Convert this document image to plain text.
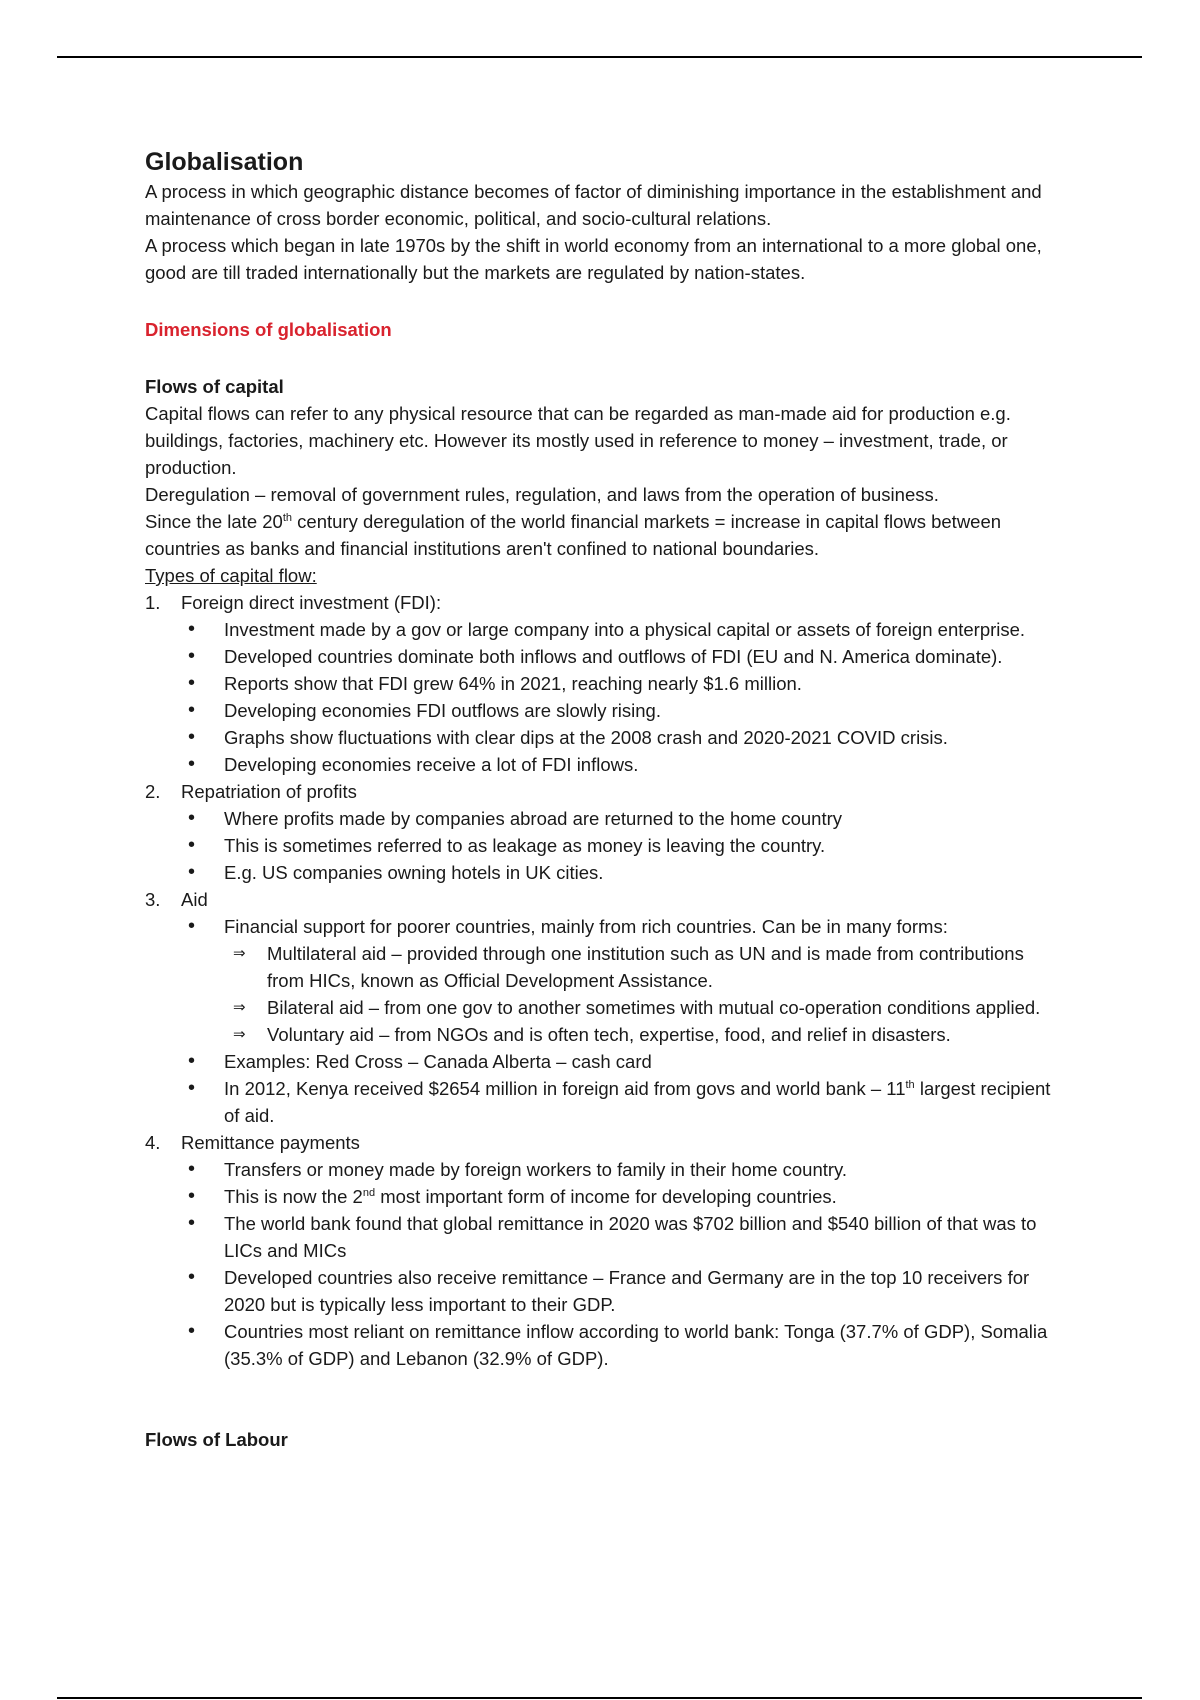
Globalisation

A process in which geographic distance becomes of factor of diminishing importance in the establishment and maintenance of cross border economic, political, and socio-cultural relations.

A process which began in late 1970s by the shift in world economy from an international to a more global one, good are till traded internationally but the markets are regulated by nation-states.

Dimensions of globalisation

Flows of capital

Capital flows can refer to any physical resource that can be regarded as man-made aid for production e.g. buildings, factories, machinery etc. However its mostly used in reference to money – investment, trade, or production.

Deregulation – removal of government rules, regulation, and laws from the operation of business.

Since the late 20th century deregulation of the world financial markets = increase in capital flows between countries as banks and financial institutions aren't confined to national boundaries.

Types of capital flow:

1. Foreign direct investment (FDI):
• Investment made by a gov or large company into a physical capital or assets of foreign enterprise.
• Developed countries dominate both inflows and outflows of FDI (EU and N. America dominate).
• Reports show that FDI grew 64% in 2021, reaching nearly $1.6 million.
• Developing economies FDI outflows are slowly rising.
• Graphs show fluctuations with clear dips at the 2008 crash and 2020-2021 COVID crisis.
• Developing economies receive a lot of FDI inflows.
2. Repatriation of profits
• Where profits made by companies abroad are returned to the home country
• This is sometimes referred to as leakage as money is leaving the country.
• E.g. US companies owning hotels in UK cities.
3. Aid
• Financial support for poorer countries, mainly from rich countries. Can be in many forms:
⇒ Multilateral aid – provided through one institution such as UN and is made from contributions from HICs, known as Official Development Assistance.
⇒ Bilateral aid – from one gov to another sometimes with mutual co-operation conditions applied.
⇒ Voluntary aid – from NGOs and is often tech, expertise, food, and relief in disasters.
• Examples: Red Cross – Canada Alberta – cash card
• In 2012, Kenya received $2654 million in foreign aid from govs and world bank – 11th largest recipient of aid.
4. Remittance payments
• Transfers or money made by foreign workers to family in their home country.
• This is now the 2nd most important form of income for developing countries.
• The world bank found that global remittance in 2020 was $702 billion and $540 billion of that was to LICs and MICs
• Developed countries also receive remittance – France and Germany are in the top 10 receivers for 2020 but is typically less important to their GDP.
• Countries most reliant on remittance inflow according to world bank: Tonga (37.7% of GDP), Somalia (35.3% of GDP) and Lebanon (32.9% of GDP).

Flows of Labour
